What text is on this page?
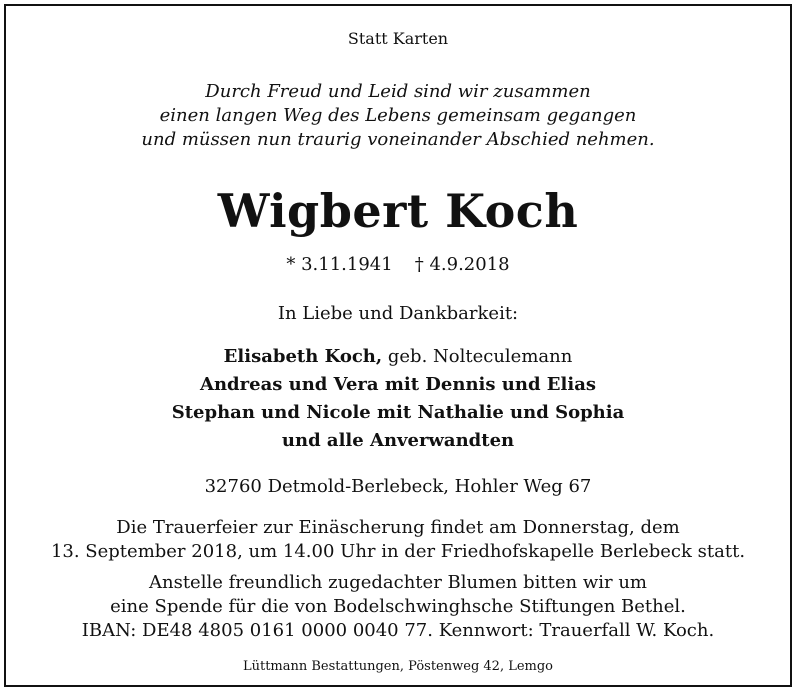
Statt Karten
Durch Freud und Leid sind wir zusammen
einen langen Weg des Lebens gemeinsam gegangen
und müssen nun traurig voneinander Abschied nehmen.
Wigbert Koch
* 3.11.1941 † 4.9.2018
In Liebe und Dankbarkeit:
Elisabeth Koch, geb. Nolteculemann
Andreas und Vera mit Dennis und Elias
Stephan und Nicole mit Nathalie und Sophia
und alle Anverwandten
32760 Detmold-Berlebeck, Hohler Weg 67
Die Trauerfeier zur Einäscherung findet am Donnerstag, dem
13. September 2018, um 14.00 Uhr in der Friedhofskapelle Berlebeck statt.
Anstelle freundlich zugedachter Blumen bitten wir um
eine Spende für die von Bodelschwinghsche Stiftungen Bethel.
IBAN: DE48 4805 0161 0000 0040 77. Kennwort: Trauerfall W. Koch.
Lüttmann Bestattungen, Pöstenweg 42, Lemgo
